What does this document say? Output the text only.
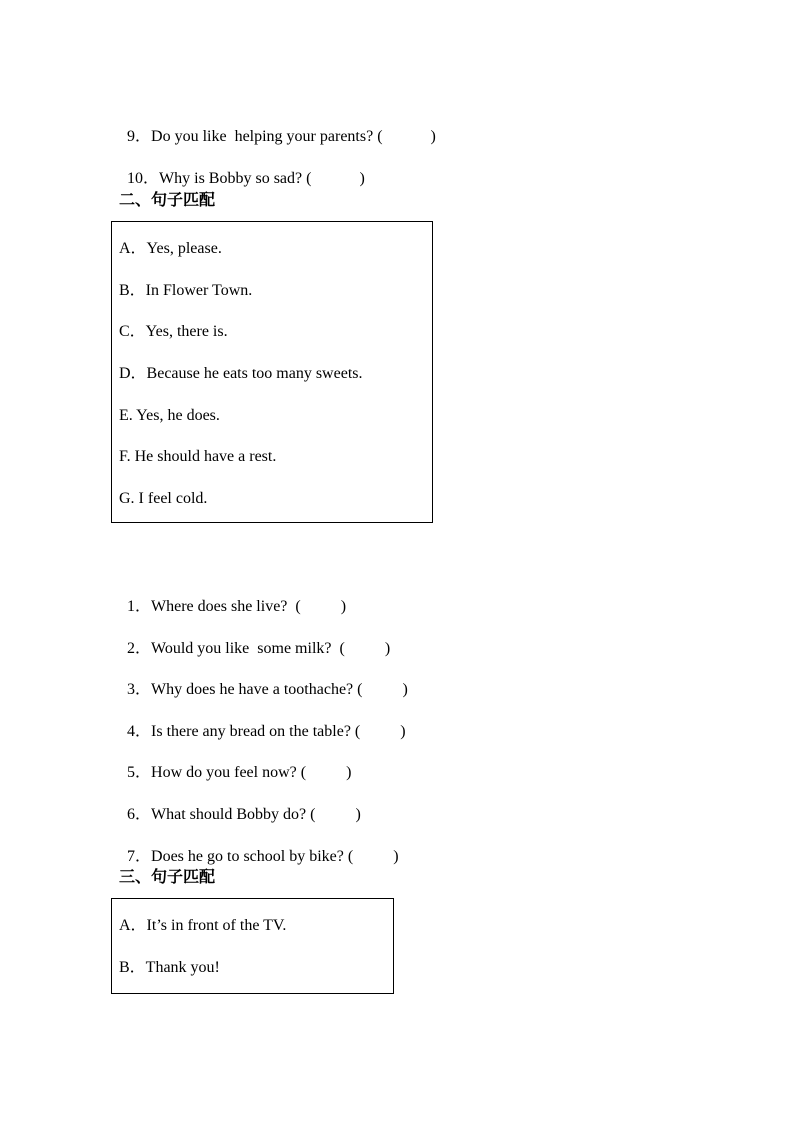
9．Do you like  helping your parents? (	)

10．Why is Bobby so sad? (	)

二、句子匹配
A．Yes, please.
B．In Flower Town.
C．Yes, there is.
D．Because he eats too many sweets.
E. Yes, he does.
F. He should have a rest.
G. I feel cold.

1．Where does she live?  (	)

2．Would you like  some milk?  (	)

3．Why does he have a toothache? (	)

4．Is there any bread on the table? (	)

5．How do you feel now? (	)

6．What should Bobby do? (	)

7．Does he go to school by bike? (	)

三、句子匹配
A．It’s in front of the TV.
B．Thank you!
